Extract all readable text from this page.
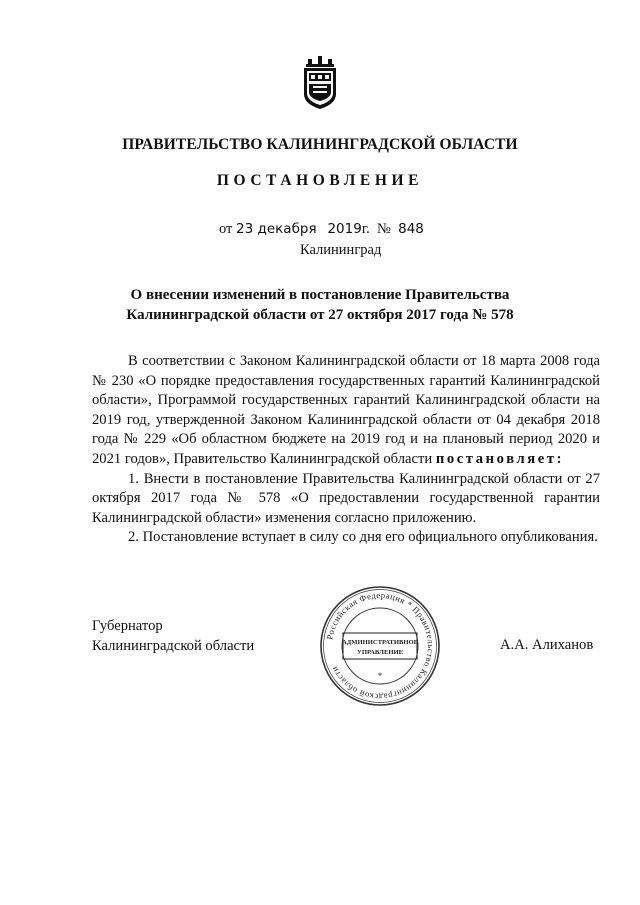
ПРАВИТЕЛЬСТВО КАЛИНИНГРАДСКОЙ ОБЛАСТИ
ПОСТАНОВЛЕНИЕ
от 23 декабря 2019г. № 848
Калининград
О внесении изменений в постановление Правительства
Калининградской области от 27 октября 2017 года № 578

В соответствии с Законом Калининградской области от 18 марта 2008 года № 230 «О порядке предоставления государственных гарантий Калининградской области», Программой государственных гарантий Калининградской области на 2019 год, утвержденной Законом Калининградской области от 04 декабря 2018 года № 229 «Об областном бюджете на 2019 год и на плановый период 2020 и 2021 годов», Правительство Калининградской области постановляет:

1. Внести в постановление Правительства Калининградской области от 27 октября 2017 года № 578 «О предоставлении государственной гарантии Калининградской области» изменения согласно приложению.

2. Постановление вступает в силу со дня его официального опубликования.

Губернатор
Калининградской области
Российская Федерация * Правительство Калининградской области
АДМИНИСТРАТИВНОЕ
УПРАВЛЕНИЕ
*
А.А. Алиханов
